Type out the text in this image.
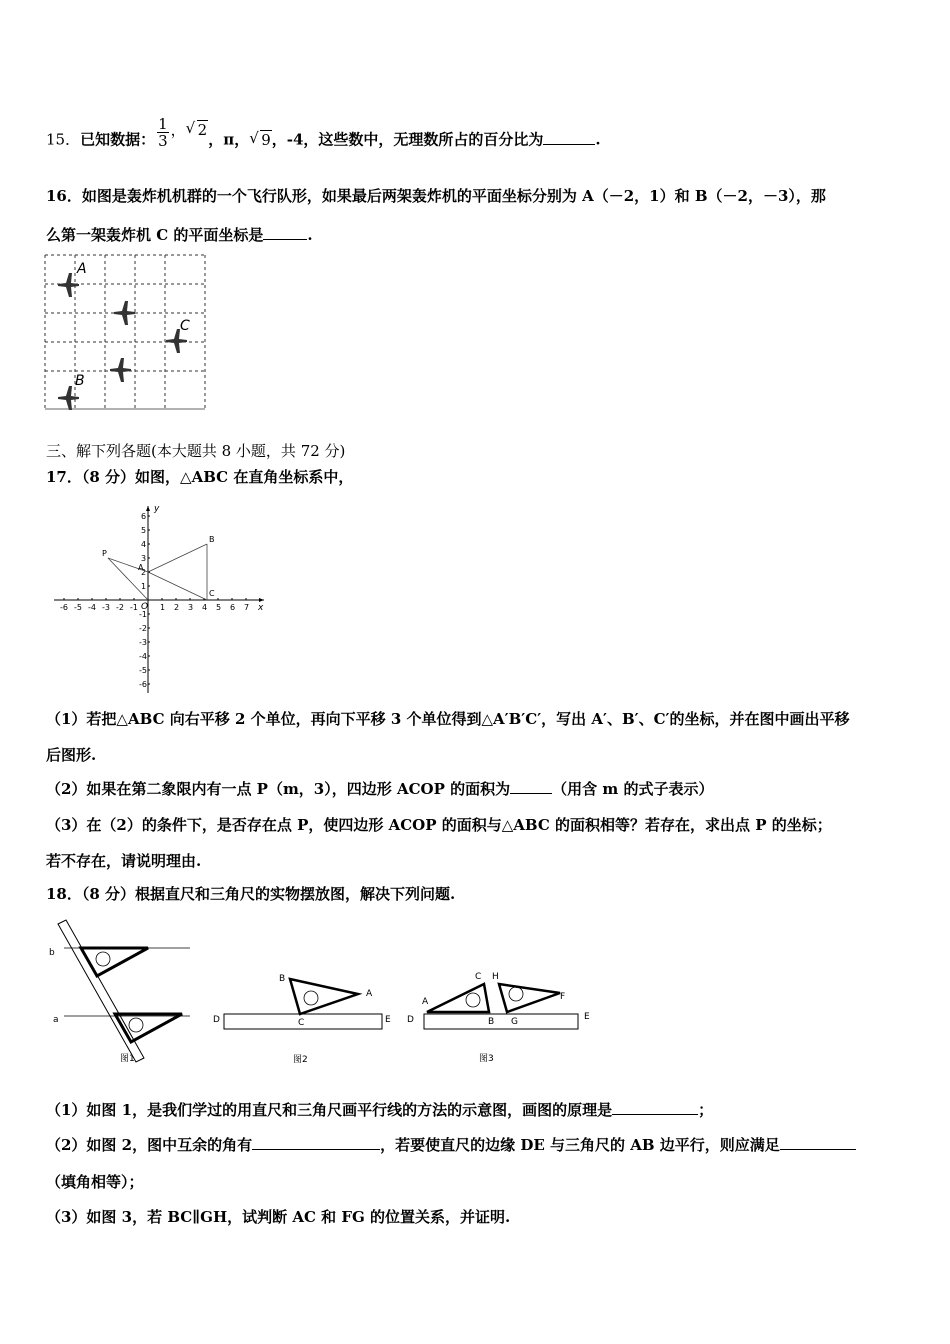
15．已知数据： $\frac{1}{3}$ ， √ 2，π， √ 9，-4，这些数中，无理数所占的百分比为	.
16．如图是轰炸机机群的一个飞行队形，如果最后两架轰炸机的平面坐标分别为 A（－2，1）和 B（－2，－3），那
么第一架轰炸机 C 的平面坐标是	.
A
C
B
三、解下列各题(本大题共 8 小题，共 72 分)
17．（8 分）如图，△ABC 在直角坐标系中，
-6 -5 -4 -3 -2 -1	1 2 3 4 5 6 7
6
5
4
3
2
1
-1
-2
-3
-4
-5
-6
y
x
O
B
C
A
P
（1）若把△ABC 向右平移 2 个单位，再向下平移 3 个单位得到△A′B′C′，写出 A′、B′、C′的坐标，并在图中画出平移
后图形.
（2）如果在第二象限内有一点 P（m，3），四边形 ACOP 的面积为	（用含 m 的式子表示）
（3）在（2）的条件下，是否存在点 P，使四边形 ACOP 的面积与△ABC 的面积相等？若存在，求出点 P 的坐标；
若不存在，请说明理由.
18．（8 分）根据直尺和三角尺的实物摆放图，解决下列问题.
b
a
图1
B
A
C
D	E
图2
A
C H
F
B G
D	E
图3
（1）如图 1，是我们学过的用直尺和三角尺画平行线的方法的示意图，画图的原理是	；
（2）如图 2，图中互余的角有	，若要使直尺的边缘 DE 与三角尺的 AB 边平行，则应满足
（填角相等）；
（3）如图 3，若 BC∥GH，试判断 AC 和 FG 的位置关系，并证明.
